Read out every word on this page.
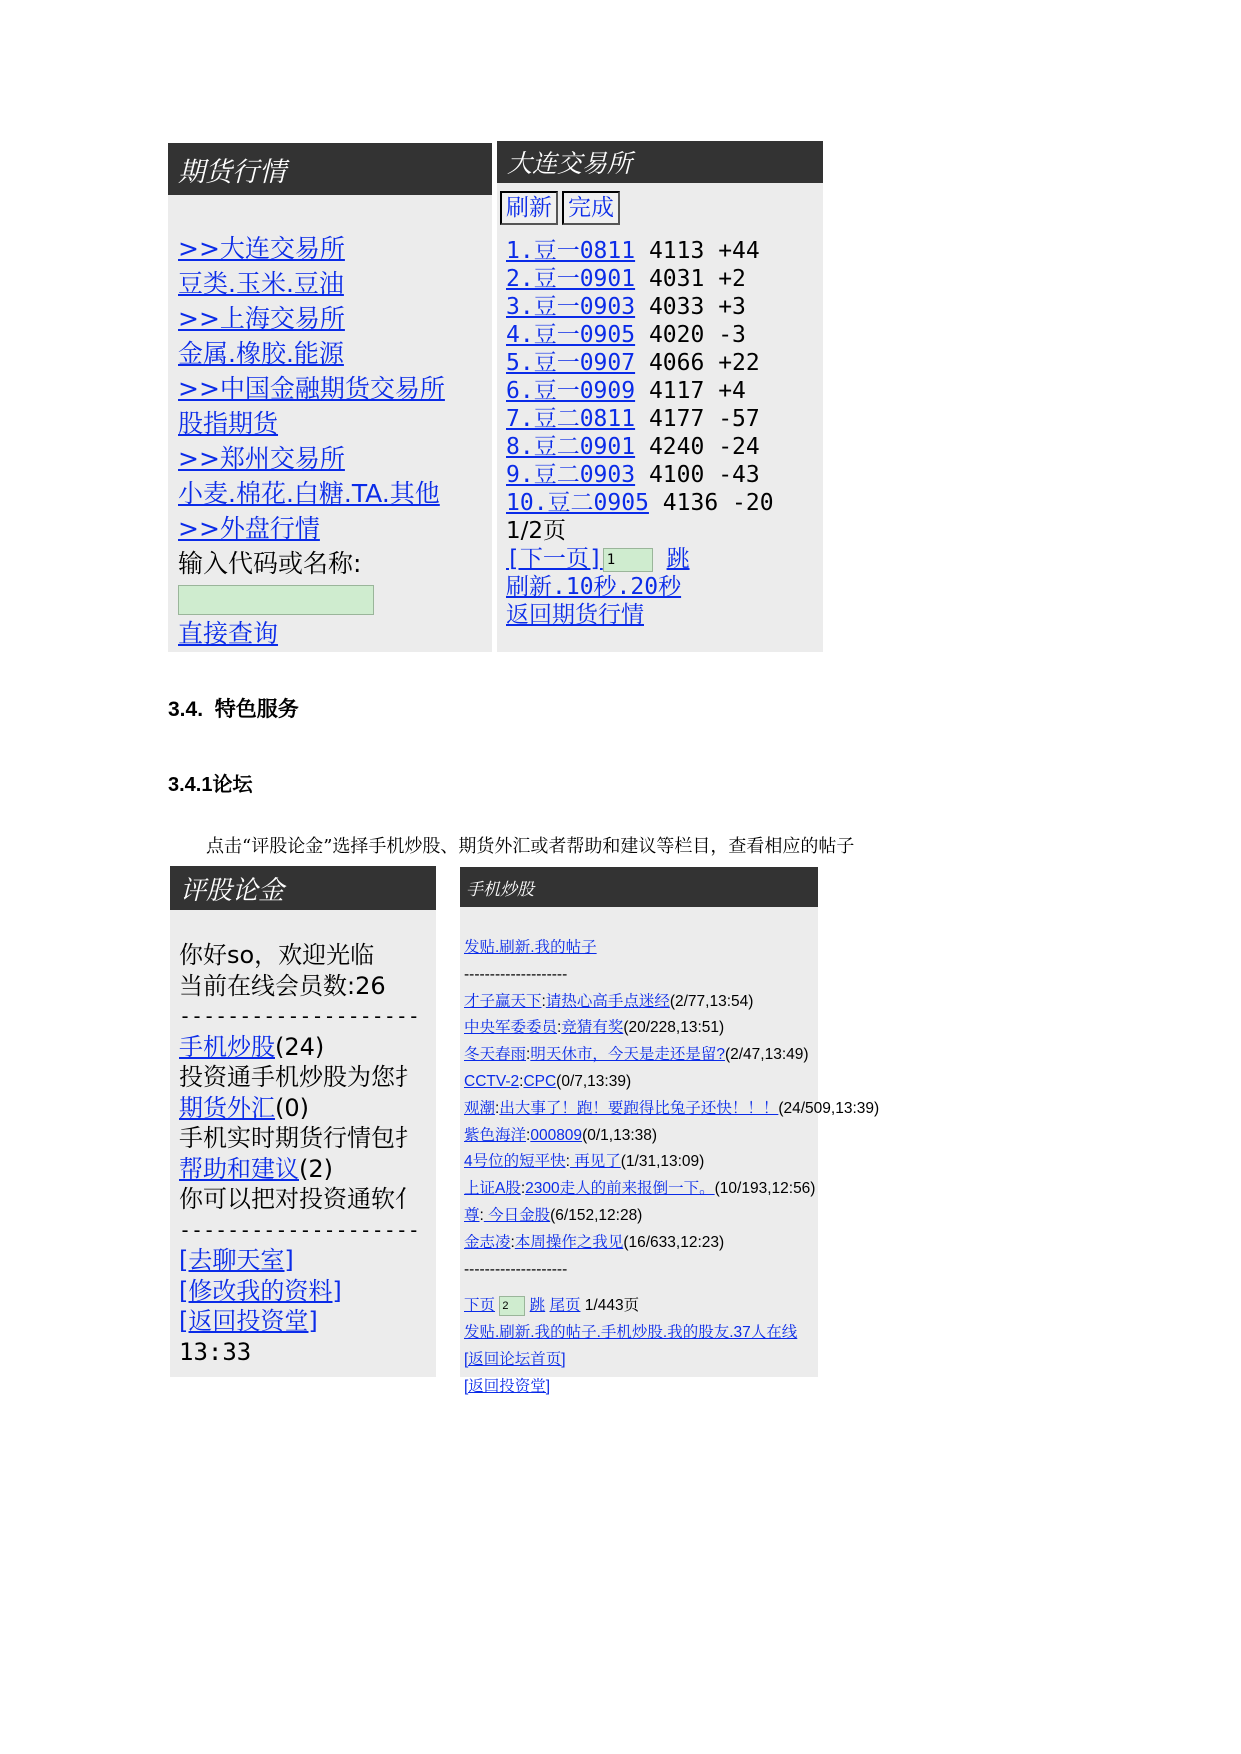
期货行情
>>大连交易所
豆类.玉米.豆油
>>上海交易所
金属.橡胶.能源
>>中国金融期货交易所
股指期货
>>郑州交易所
小麦.棉花.白糖.TA.其他
>>外盘行情
输入代码或名称:
直接查询
大连交易所
刷新 完成
1.豆一0811 4113 +44
2.豆一0901 4031 +2
3.豆一0903 4033 +3
4.豆一0905 4020 -3
5.豆一0907 4066 +22
6.豆一0909 4117 +4
7.豆二0811 4177 -57
8.豆二0901 4240 -24
9.豆二0903 4100 -43
10.豆二0905 4136 -20
1/2页
[下一页] 1 跳
刷新.10秒.20秒
返回期货行情
3.4.  特色服务
3.4.1论坛
点击“评股论金”选择手机炒股、期货外汇或者帮助和建议等栏目，查看相应的帖子
评股论金
你好so，欢迎光临
当前在线会员数:26
--------------------
手机炒股(24)
投资通手机炒股为您扌
期货外汇(0)
手机实时期货行情包扌
帮助和建议(2)
你可以把对投资通软亻
--------------------
[去聊天室]
[修改我的资料]
[返回投资堂]
13:33
手机炒股
发贴.刷新.我的帖子
--------------------
才子赢天下:请热心高手点迷经(2/77,13:54)
中央军委委员:竞猜有奖(20/228,13:51)
冬天春雨:明天休市，今天是走还是留?(2/47,13:49)
CCTV-2:CPC(0/7,13:39)
观潮:出大事了！跑！要跑得比兔子还快！！！(24/509,13:39)
紫色海洋:000809(0/1,13:38)
4号位的短平快: 再见了(1/31,13:09)
上证A股:2300走人的前来报倒一下。(10/193,12:56)
尊: 今日金股(6/152,12:28)
金志凌:本周操作之我见(16/633,12:23)
--------------------
下页 2 跳 尾页 1/443页
发贴.刷新.我的帖子.手机炒股.我的股友.37人在线
[返回论坛首页]
[返回投资堂]
